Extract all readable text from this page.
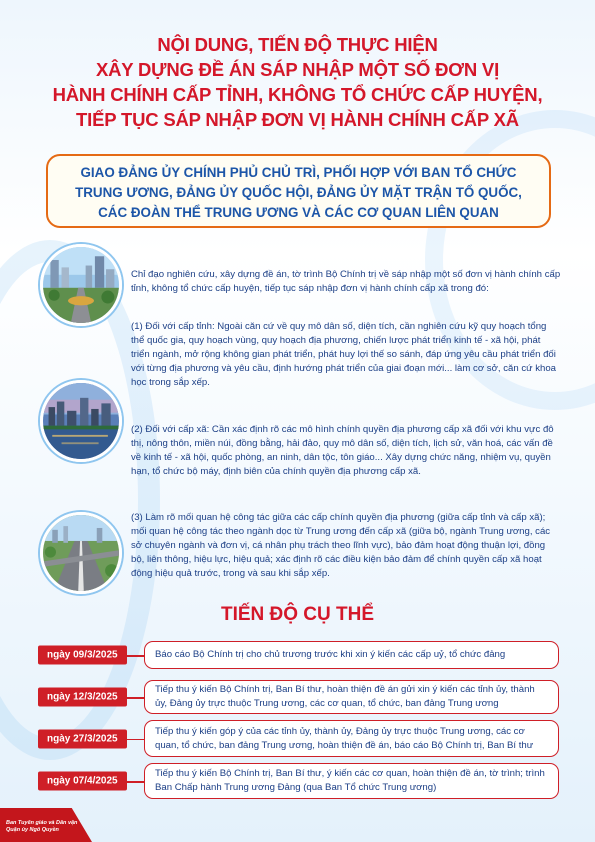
NỘI DUNG, TIẾN ĐỘ THỰC HIỆN
XÂY DỰNG ĐỀ ÁN SÁP NHẬP MỘT SỐ ĐƠN VỊ
HÀNH CHÍNH CẤP TỈNH, KHÔNG TỔ CHỨC CẤP HUYỆN,
TIẾP TỤC SÁP NHẬP ĐƠN VỊ HÀNH CHÍNH CẤP XÃ
GIAO ĐẢNG ỦY CHÍNH PHỦ CHỦ TRÌ, PHỐI HỢP VỚI BAN TỔ CHỨC
TRUNG ƯƠNG, ĐẢNG ỦY QUỐC HỘI, ĐẢNG ỦY MẶT TRẬN TỔ QUỐC,
CÁC ĐOÀN THỂ TRUNG ƯƠNG VÀ CÁC CƠ QUAN LIÊN QUAN
Chỉ đạo nghiên cứu, xây dựng đề án, tờ trình Bộ Chính trị về sáp nhập một số đơn vị hành chính cấp tỉnh, không tổ chức cấp huyện, tiếp tục sáp nhập đơn vị hành chính cấp xã trong đó:
(1) Đối với cấp tỉnh: Ngoài căn cứ về quy mô dân số, diện tích, cần nghiên cứu kỹ quy hoạch tổng thể quốc gia, quy hoạch vùng, quy hoạch địa phương, chiến lược phát triển kinh tế - xã hội, phát triển ngành, mở rộng không gian phát triển, phát huy lợi thế so sánh, đáp ứng yêu cầu phát triển đối với từng địa phương và yêu cầu, định hướng phát triển của giai đoạn mới... làm cơ sở, căn cứ khoa học trong sắp xếp.
(2) Đối với cấp xã: Cần xác định rõ các mô hình chính quyền địa phương cấp xã đối với khu vực đô thị, nông thôn, miền núi, đồng bằng, hải đảo, quy mô dân số, diện tích, lịch sử, văn hoá, các vấn đề về kinh tế - xã hội, quốc phòng, an ninh, dân tộc, tôn giáo... Xây dựng chức năng, nhiệm vụ, quyền hạn, tổ chức bộ máy, định biên của chính quyền địa phương cấp xã.
(3) Làm rõ mối quan hệ công tác giữa các cấp chính quyền địa phương (giữa cấp tỉnh và cấp xã); mối quan hệ công tác theo ngành dọc từ Trung ương đến cấp xã (giữa bộ, ngành Trung ương, các sở chuyên ngành và đơn vị, cá nhân phụ trách theo lĩnh vực), bảo đảm hoạt động thuận lợi, đồng bộ, liên thông, hiệu lực, hiệu quả; xác định rõ các điều kiện bảo đảm để chính quyền cấp xã hoạt động hiệu quả trước, trong và sau khi sắp xếp.
TIẾN ĐỘ CỤ THỂ
ngày 09/3/2025	Báo cáo Bộ Chính trị cho chủ trương trước khi xin ý kiến các cấp uỷ, tổ chức đảng
ngày 12/3/2025
Tiếp thu ý kiến Bộ Chính trị, Ban Bí thư, hoàn thiện đề án gửi xin ý kiến các tỉnh ủy, thành ủy, Đảng ủy trực thuộc Trung ương, các cơ quan, tổ chức, ban đảng Trung ương
ngày 27/3/2025
Tiếp thu ý kiến góp ý của các tỉnh ủy, thành ủy, Đảng ủy trực thuộc Trung ương, các cơ quan, tổ chức, ban đảng Trung ương, hoàn thiện đề án, báo cáo Bộ Chính trị, Ban Bí thư
ngày 07/4/2025
Tiếp thu ý kiến Bộ Chính trị, Ban Bí thư, ý kiến các cơ quan, hoàn thiện đề án, tờ trình; trình Ban Chấp hành Trung ương Đảng (qua Ban Tổ chức Trung ương)
Ban Tuyên giáo và Dân vận
Quận ủy Ngô Quyền
